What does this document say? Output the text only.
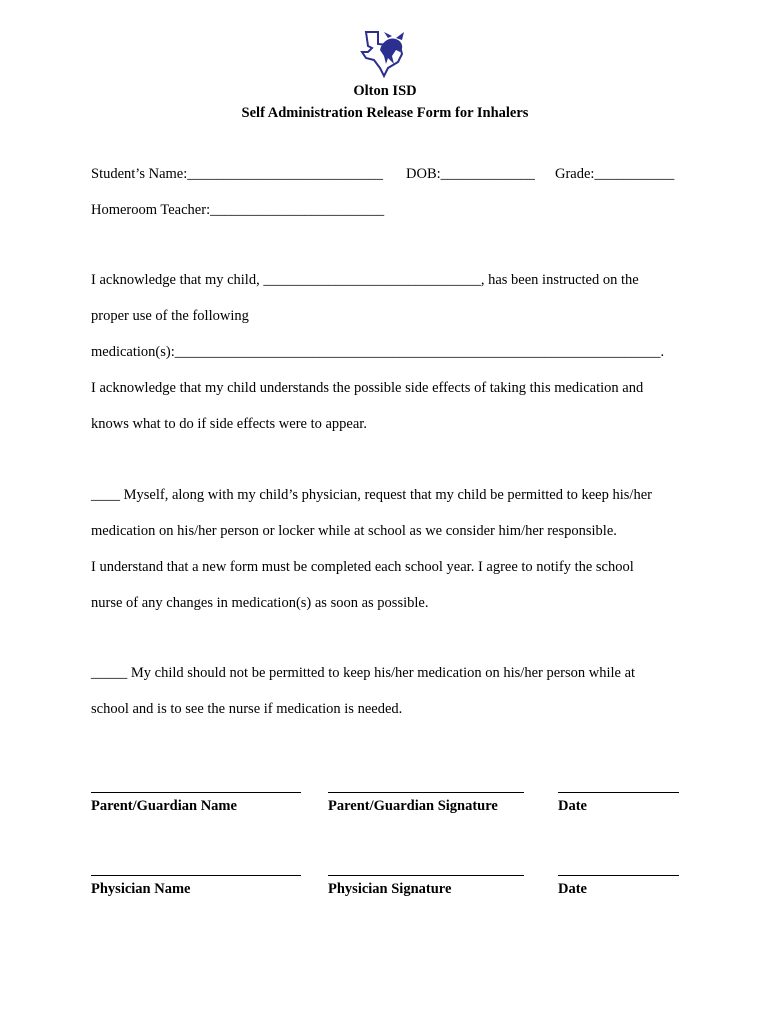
Olton ISD
Self Administration Release Form for Inhalers
Student’s Name:___________________________ DOB:_____________ Grade:___________
Homeroom Teacher:________________________
I acknowledge that my child, ______________________________, has been instructed on the
proper use of the following
medication(s):___________________________________________________________________.
I acknowledge that my child understands the possible side effects of taking this medication and
knows what to do if side effects were to appear.
____ Myself, along with my child’s physician, request that my child be permitted to keep his/her
medication on his/her person or locker while at school as we consider him/her responsible.
I understand that a new form must be completed each school year. I agree to notify the school
nurse of any changes in medication(s) as soon as possible.
_____ My child should not be permitted to keep his/her medication on his/her person while at
school and is to see the nurse if medication is needed.
Parent/Guardian Name	Parent/Guardian Signature	Date
Physician Name	Physician Signature	Date
